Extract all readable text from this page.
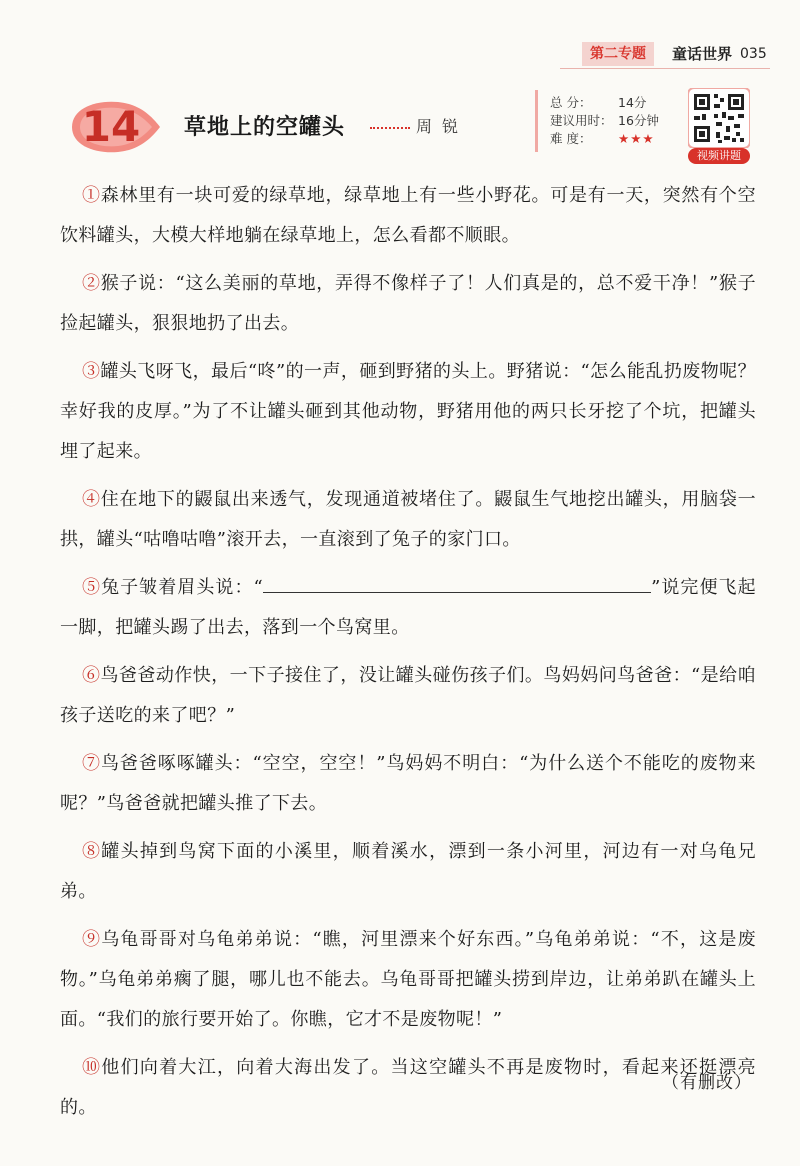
第二专题	童话世界 035
14	草地上的空罐头	周锐
总 分： 14分
建议用时： 16分钟
难 度： ★★★
视频讲题

①森林里有一块可爱的绿草地，绿草地上有一些小野花。可是有一天，突然有个空饮料罐头，大模大样地躺在绿草地上，怎么看都不顺眼。

②猴子说：“这么美丽的草地，弄得不像样子了！人们真是的，总不爱干净！”猴子捡起罐头，狠狠地扔了出去。

③罐头飞呀飞，最后“咚”的一声，砸到野猪的头上。野猪说：“怎么能乱扔废物呢？幸好我的皮厚。”为了不让罐头砸到其他动物，野猪用他的两只长牙挖了个坑，把罐头埋了起来。

④住在地下的鼹鼠出来透气，发现通道被堵住了。鼹鼠生气地挖出罐头，用脑袋一拱，罐头“咕噜咕噜”滚开去，一直滚到了兔子的家门口。

⑤兔子皱着眉头说：“	”说完便飞起一脚，把罐头踢了出去，落到一个鸟窝里。

⑥鸟爸爸动作快，一下子接住了，没让罐头碰伤孩子们。鸟妈妈问鸟爸爸：“是给咱孩子送吃的来了吧？”

⑦鸟爸爸啄啄罐头：“空空，空空！”鸟妈妈不明白：“为什么送个不能吃的废物来呢？”鸟爸爸就把罐头推了下去。

⑧罐头掉到鸟窝下面的小溪里，顺着溪水，漂到一条小河里，河边有一对乌龟兄弟。

⑨乌龟哥哥对乌龟弟弟说：“瞧，河里漂来个好东西。”乌龟弟弟说：“不，这是废物。”乌龟弟弟瘸了腿，哪儿也不能去。乌龟哥哥把罐头捞到岸边，让弟弟趴在罐头上面。“我们的旅行要开始了。你瞧，它才不是废物呢！”

⑩他们向着大江，向着大海出发了。当这空罐头不再是废物时，看起来还挺漂亮的。

（有删改）
